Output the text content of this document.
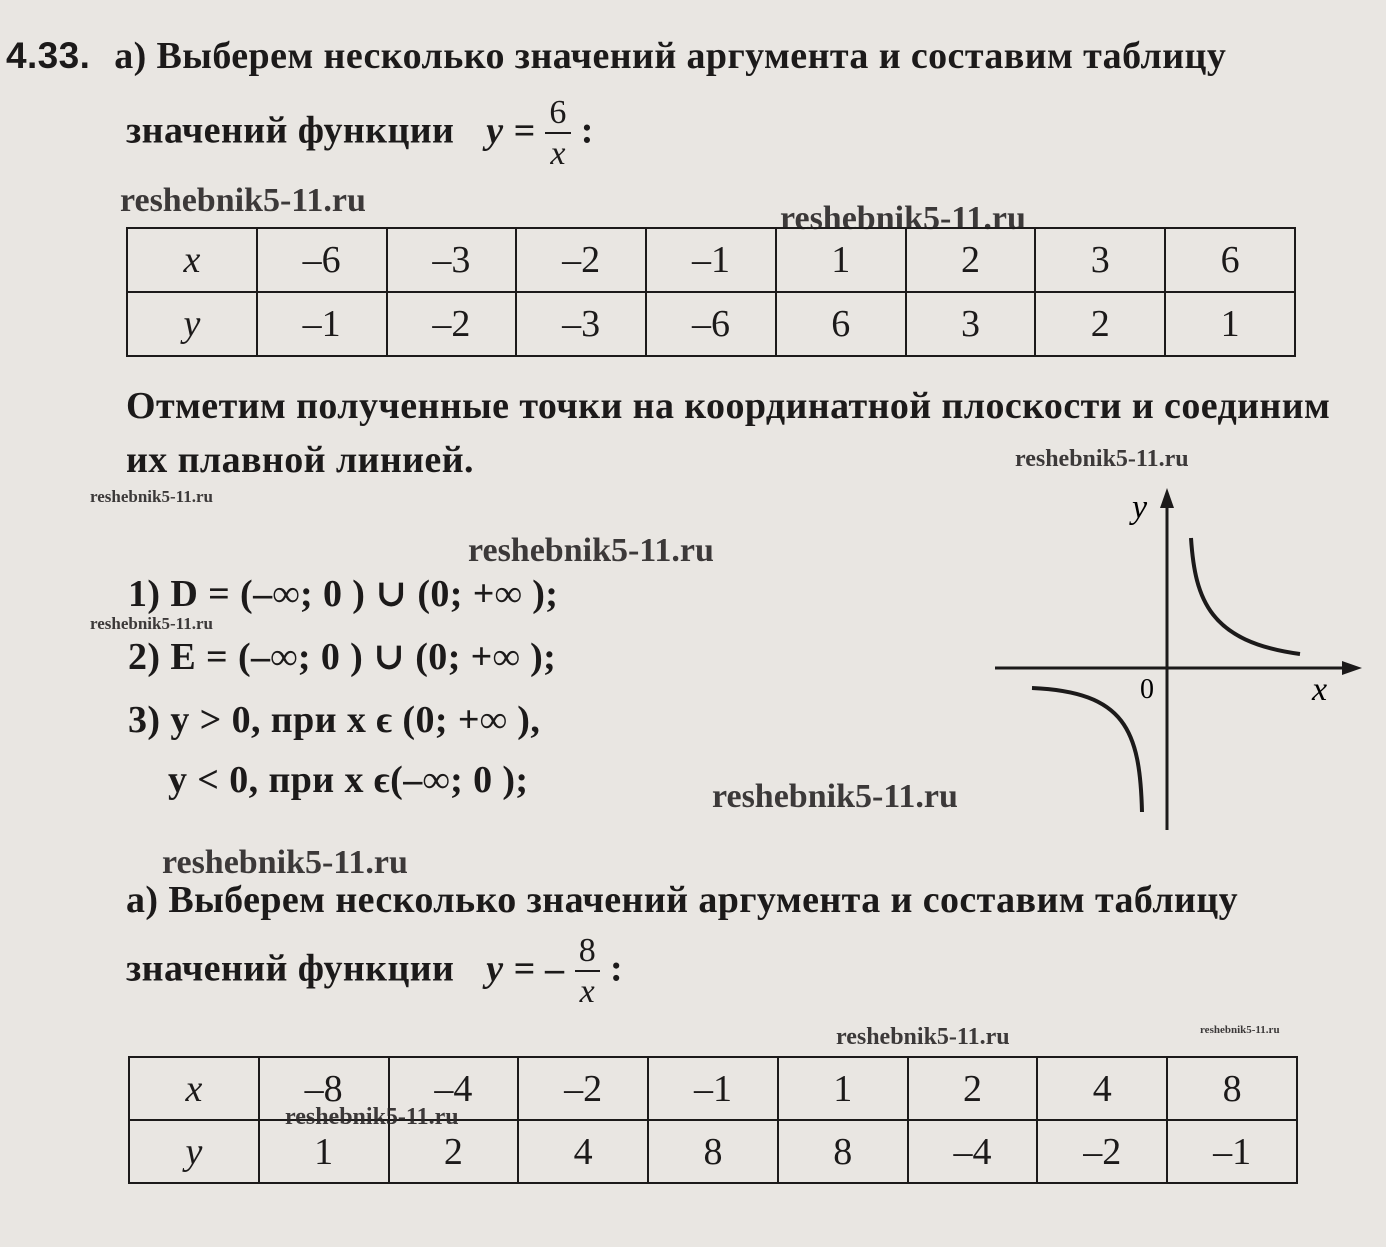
4.33. а) Выберем несколько значений аргумента и составим таблицу
значений функции $y = \frac{6}{x}$ :
reshebnik5-11.ru	reshebnik5-11.ru
x	–6	–3	–2	–1	1	2	3	6
y	–1	–2	–3	–6	6	3	2	1
Отметим полученные точки на координатной плоскости и соединим
их плавной линией.	reshebnik5-11.ru
reshebnik5-11.ru
reshebnik5-11.ru
reshebnik5-11.ru
1) D = (–∞; 0 ) ∪ (0; +∞ );
2) E = (–∞; 0 ) ∪ (0; +∞ );
3) y > 0, при x ϵ (0; +∞ ),
y < 0, при x ϵ(–∞; 0 );	reshebnik5-11.ru
y
x
0
reshebnik5-11.ru
а) Выберем несколько значений аргумента и составим таблицу
значений функции y = – $\frac{8}{x}$ :
reshebnik5-11.ru	reshebnik5-11.ru
x	–8	–4	–2	–1	1	2	4	8
y	1	2	4	8	8	–4	–2	–1
reshebnik5-11.ru
